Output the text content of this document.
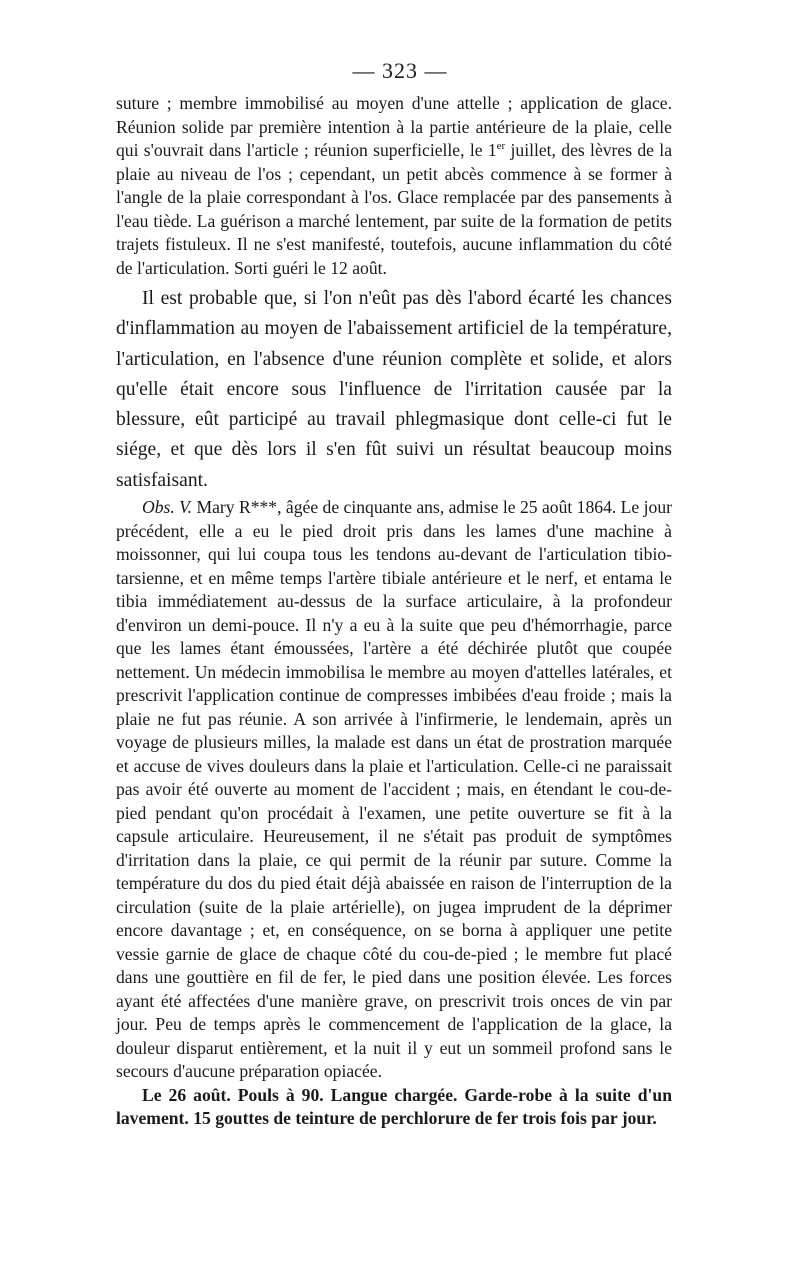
— 323 —

suture ; membre immobilisé au moyen d'une attelle ; application de glace. Réunion solide par première intention à la partie antérieure de la plaie, celle qui s'ouvrait dans l'article ; réunion superficielle, le 1er juillet, des lèvres de la plaie au niveau de l'os ; cependant, un petit abcès commence à se former à l'angle de la plaie correspondant à l'os. Glace remplacée par des pansements à l'eau tiède. La guérison a marché lentement, par suite de la formation de petits trajets fistuleux. Il ne s'est manifesté, toutefois, aucune inflammation du côté de l'articulation. Sorti guéri le 12 août.

Il est probable que, si l'on n'eût pas dès l'abord écarté les chances d'inflammation au moyen de l'abaissement artificiel de la température, l'articulation, en l'absence d'une réunion complète et solide, et alors qu'elle était encore sous l'influence de l'irritation causée par la blessure, eût participé au travail phlegmasique dont celle-ci fut le siége, et que dès lors il s'en fût suivi un résultat beaucoup moins satisfaisant.

Obs. V. Mary R***, âgée de cinquante ans, admise le 25 août 1864. Le jour précédent, elle a eu le pied droit pris dans les lames d'une machine à moissonner, qui lui coupa tous les tendons au-devant de l'articulation tibio-tarsienne, et en même temps l'artère tibiale antérieure et le nerf, et entama le tibia immédiatement au-dessus de la surface articulaire, à la profondeur d'environ un demi-pouce. Il n'y a eu à la suite que peu d'hémorrhagie, parce que les lames étant émoussées, l'artère a été déchirée plutôt que coupée nettement. Un médecin immobilisa le membre au moyen d'attelles latérales, et prescrivit l'application continue de compresses imbibées d'eau froide ; mais la plaie ne fut pas réunie. A son arrivée à l'infirmerie, le lendemain, après un voyage de plusieurs milles, la malade est dans un état de prostration marquée et accuse de vives douleurs dans la plaie et l'articulation. Celle-ci ne paraissait pas avoir été ouverte au moment de l'accident ; mais, en étendant le cou-de-pied pendant qu'on procédait à l'examen, une petite ouverture se fit à la capsule articulaire. Heureusement, il ne s'était pas produit de symptômes d'irritation dans la plaie, ce qui permit de la réunir par suture. Comme la température du dos du pied était déjà abaissée en raison de l'interruption de la circulation (suite de la plaie artérielle), on jugea imprudent de la déprimer encore davantage ; et, en conséquence, on se borna à appliquer une petite vessie garnie de glace de chaque côté du cou-de-pied ; le membre fut placé dans une gouttière en fil de fer, le pied dans une position élevée. Les forces ayant été affectées d'une manière grave, on prescrivit trois onces de vin par jour. Peu de temps après le commencement de l'application de la glace, la douleur disparut entièrement, et la nuit il y eut un sommeil profond sans le secours d'aucune préparation opiacée.

Le 26 août. Pouls à 90. Langue chargée. Garde-robe à la suite d'un lavement. 15 gouttes de teinture de perchlorure de fer trois fois par jour.
